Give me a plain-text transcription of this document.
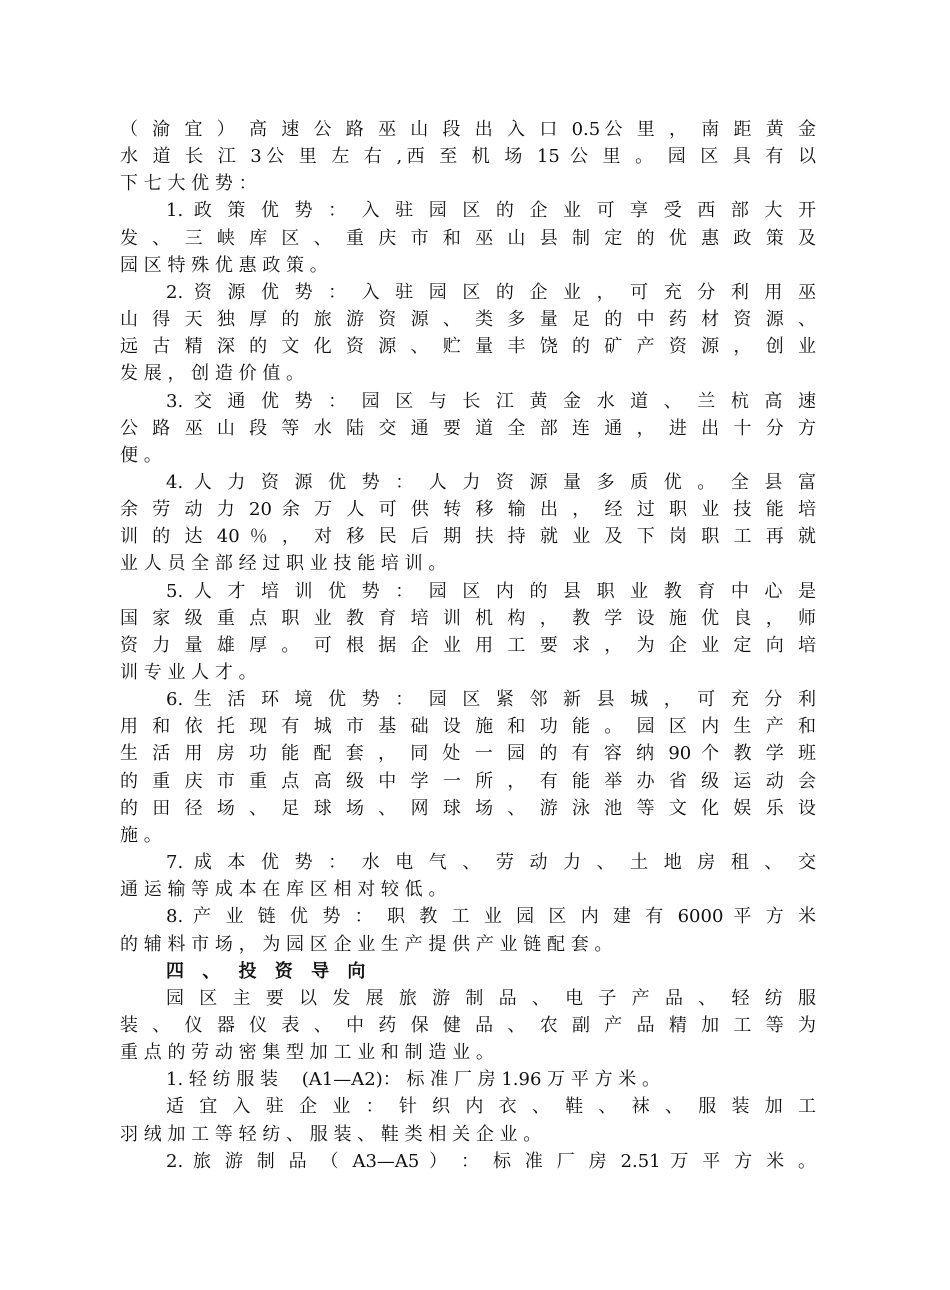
（ 渝 宜 ） 高 速 公 路 巫 山 段 出 入 口 0.5公 里 ， 南 距 黄 金
水 道 长 江 3公 里 左 右 ,西 至 机 场 15 公 里 。 园 区 具 有 以
下 七 大 优 势 ：
1. 政 策 优 势 ： 入 驻 园 区 的 企 业 可 享 受 西 部 大 开
发 、 三 峡 库 区 、 重 庆 市 和 巫 山 县 制 定 的 优 惠 政 策 及
园 区 特 殊 优 惠 政 策 。
2. 资 源 优 势 ： 入 驻 园 区 的 企 业 ， 可 充 分 利 用 巫
山 得 天 独 厚 的 旅 游 资 源 、 类 多 量 足 的 中 药 材 资 源 、
远 古 精 深 的 文 化 资 源 、 贮 量 丰 饶 的 矿 产 资 源 ， 创 业
发 展 ， 创 造 价 值 。
3. 交 通 优 势 ： 园 区 与 长 江 黄 金 水 道 、 兰 杭 高 速
公 路 巫 山 段 等 水 陆 交 通 要 道 全 部 连 通 ， 进 出 十 分 方
便 。
4. 人 力 资 源 优 势 ： 人 力 资 源 量 多 质 优 。 全 县 富
余 劳 动 力 20 余 万 人 可 供 转 移 输 出 ， 经 过 职 业 技 能 培
训 的 达 40 ％ ， 对 移 民 后 期 扶 持 就 业 及 下 岗 职 工 再 就
业 人 员 全 部 经 过 职 业 技 能 培 训 。
5. 人 才 培 训 优 势 ： 园 区 内 的 县 职 业 教 育 中 心 是
国 家 级 重 点 职 业 教 育 培 训 机 构 ， 教 学 设 施 优 良 ， 师
资 力 量 雄 厚 。 可 根 据 企 业 用 工 要 求 ， 为 企 业 定 向 培
训 专 业 人 才 。
6. 生 活 环 境 优 势 ： 园 区 紧 邻 新 县 城 ， 可 充 分 利
用 和 依 托 现 有 城 市 基 础 设 施 和 功 能 。 园 区 内 生 产 和
生 活 用 房 功 能 配 套 ， 同 处 一 园 的 有 容 纳 90 个 教 学 班
的 重 庆 市 重 点 高 级 中 学 一 所 ， 有 能 举 办 省 级 运 动 会
的 田 径 场 、 足 球 场 、 网 球 场 、 游 泳 池 等 文 化 娱 乐 设
施 。
7. 成 本 优 势 ： 水 电 气 、 劳 动 力 、 土 地 房 租 、 交
通 运 输 等 成 本 在 库 区 相 对 较 低 。
8. 产 业 链 优 势 ： 职 教 工 业 园 区 内 建 有 6000 平 方 米
的 辅 料 市 场 ， 为 园 区 企 业 生 产 提 供 产 业 链 配 套 。
四 、 投 资 导 向
园 区 主 要 以 发 展 旅 游 制 品 、 电 子 产 品 、 轻 纺 服
装 、 仪 器 仪 表 、 中 药 保 健 品 、 农 副 产 品 精 加 工 等 为
重 点 的 劳 动 密 集 型 加 工 业 和 制 造 业 。
1. 轻 纺 服 装 　(A1—A2)： 标 准 厂 房 1.96 万 平 方 米 。
适 宜 入 驻 企 业 ： 针 织 内 衣 、 鞋 、 袜 、 服 装 加 工
羽 绒 加 工 等 轻 纺 、 服 装 、 鞋 类 相 关 企 业 。
2. 旅 游 制 品 （ A3—A5 ） ： 标 准 厂 房 2.51 万 平 方 米 。
